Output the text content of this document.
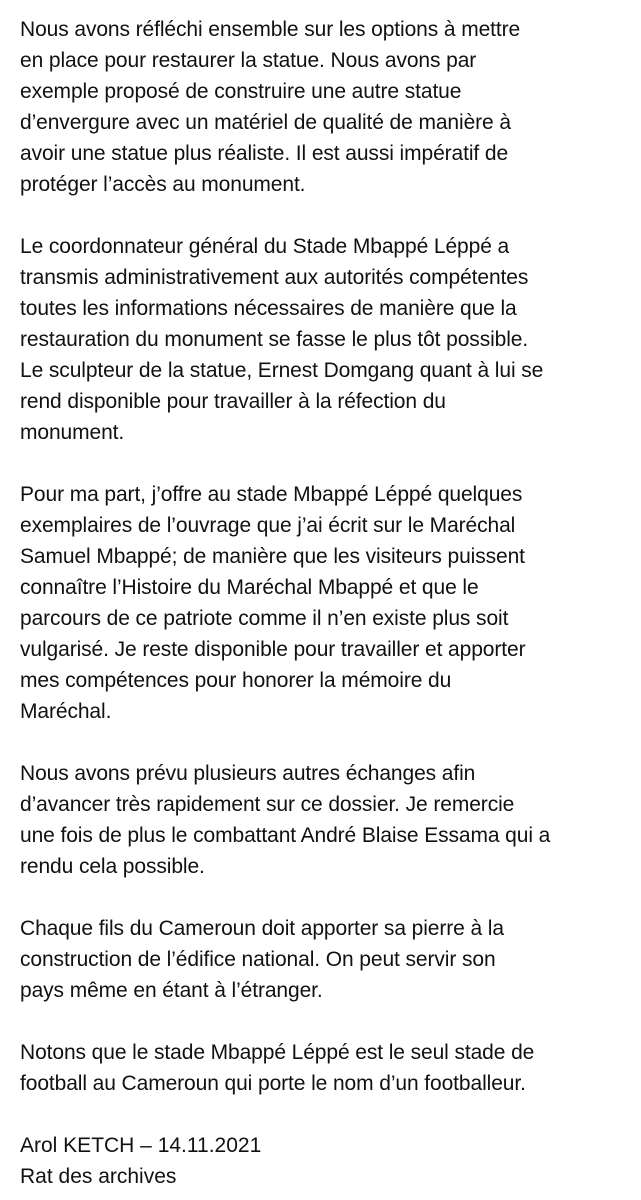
Nous avons réfléchi ensemble sur les options à mettre
en place pour restaurer la statue. Nous avons par
exemple proposé de construire une autre statue
d’envergure avec un matériel de qualité de manière à
avoir une statue plus réaliste. Il est aussi impératif de
protéger l’accès au monument.

Le coordonnateur général du Stade Mbappé Léppé a
transmis administrativement aux autorités compétentes
toutes les informations nécessaires de manière que la
restauration du monument se fasse le plus tôt possible.
Le sculpteur de la statue, Ernest Domgang quant à lui se
rend disponible pour travailler à la réfection du
monument.

Pour ma part, j’offre au stade Mbappé Léppé quelques
exemplaires de l’ouvrage que j’ai écrit sur le Maréchal
Samuel Mbappé; de manière que les visiteurs puissent
connaître l’Histoire du Maréchal Mbappé et que le
parcours de ce patriote comme il n’en existe plus soit
vulgarisé. Je reste disponible pour travailler et apporter
mes compétences pour honorer la mémoire du
Maréchal.

Nous avons prévu plusieurs autres échanges afin
d’avancer très rapidement sur ce dossier. Je remercie
une fois de plus le combattant André Blaise Essama qui a
rendu cela possible.

Chaque fils du Cameroun doit apporter sa pierre à la
construction de l’édifice national. On peut servir son
pays même en étant à l’étranger.

Notons que le stade Mbappé Léppé est le seul stade de
football au Cameroun qui porte le nom d’un footballeur.

Arol KETCH – 14.11.2021
Rat des archives
